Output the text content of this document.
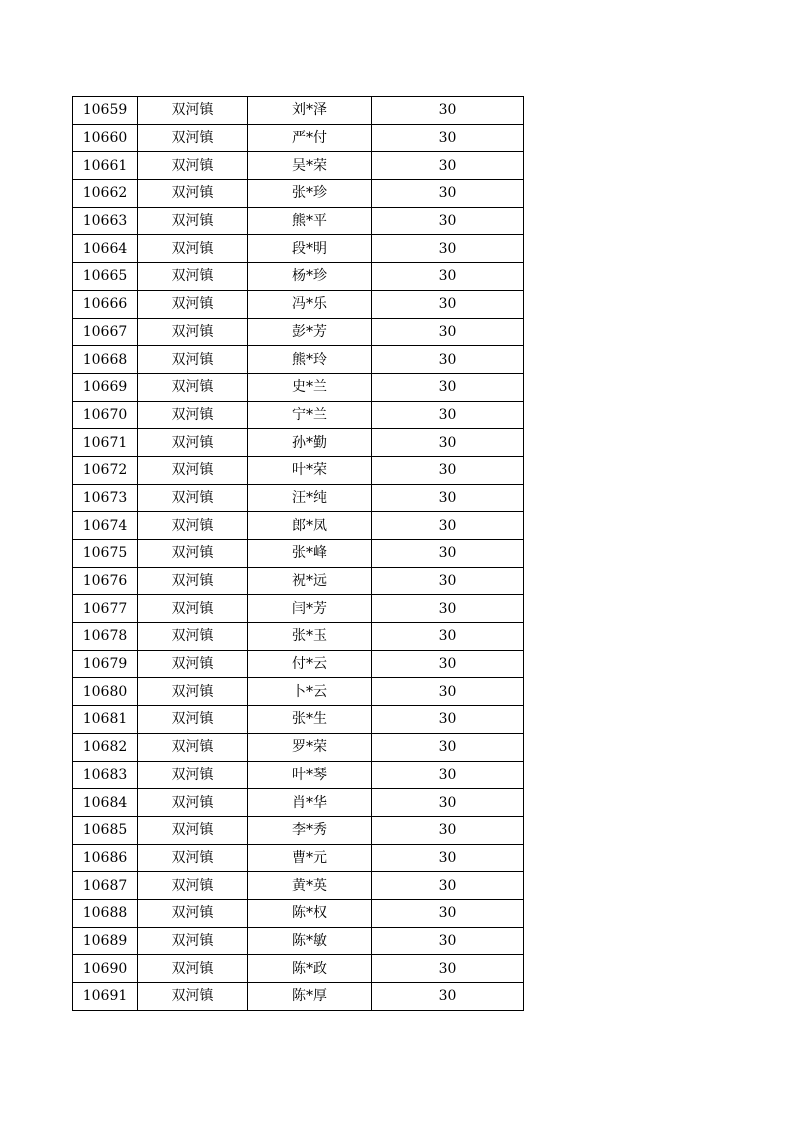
10659	双河镇	刘*泽	30
10660	双河镇	严*付	30
10661	双河镇	吴*荣	30
10662	双河镇	张*珍	30
10663	双河镇	熊*平	30
10664	双河镇	段*明	30
10665	双河镇	杨*珍	30
10666	双河镇	冯*乐	30
10667	双河镇	彭*芳	30
10668	双河镇	熊*玲	30
10669	双河镇	史*兰	30
10670	双河镇	宁*兰	30
10671	双河镇	孙*勤	30
10672	双河镇	叶*荣	30
10673	双河镇	汪*纯	30
10674	双河镇	郎*凤	30
10675	双河镇	张*峰	30
10676	双河镇	祝*远	30
10677	双河镇	闫*芳	30
10678	双河镇	张*玉	30
10679	双河镇	付*云	30
10680	双河镇	卜*云	30
10681	双河镇	张*生	30
10682	双河镇	罗*荣	30
10683	双河镇	叶*琴	30
10684	双河镇	肖*华	30
10685	双河镇	李*秀	30
10686	双河镇	曹*元	30
10687	双河镇	黄*英	30
10688	双河镇	陈*权	30
10689	双河镇	陈*敏	30
10690	双河镇	陈*政	30
10691	双河镇	陈*厚	30
